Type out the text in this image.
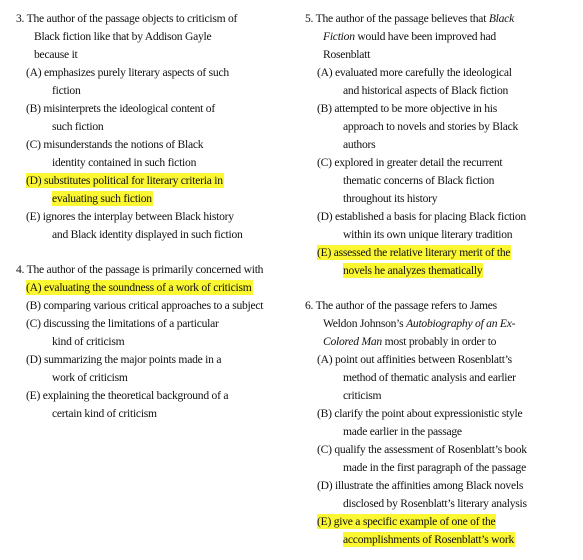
3. The author of the passage objects to criticism of
Black fiction like that by Addison Gayle
because it
(A) emphasizes purely literary aspects of such
fiction
(B) misinterprets the ideological content of
such fiction
(C) misunderstands the notions of Black
identity contained in such fiction
(D) substitutes political for literary criteria in
evaluating such fiction
(E) ignores the interplay between Black history
and Black identity displayed in such fiction
4. The author of the passage is primarily concerned with
(A) evaluating the soundness of a work of criticism
(B) comparing various critical approaches to a subject
(C) discussing the limitations of a particular
kind of criticism
(D) summarizing the major points made in a
work of criticism
(E) explaining the theoretical background of a
certain kind of criticism
5. The author of the passage believes that Black
Fiction would have been improved had
Rosenblatt
(A) evaluated more carefully the ideological
and historical aspects of Black fiction
(B) attempted to be more objective in his
approach to novels and stories by Black
authors
(C) explored in greater detail the recurrent
thematic concerns of Black fiction
throughout its history
(D) established a basis for placing Black fiction
within its own unique literary tradition
(E) assessed the relative literary merit of the
novels he analyzes thematically
6. The author of the passage refers to James
Weldon Johnson’s Autobiography of an Ex-
Colored Man most probably in order to
(A) point out affinities between Rosenblatt’s
method of thematic analysis and earlier
criticism
(B) clarify the point about expressionistic style
made earlier in the passage
(C) qualify the assessment of Rosenblatt’s book
made in the first paragraph of the passage
(D) illustrate the affinities among Black novels
disclosed by Rosenblatt’s literary analysis
(E) give a specific example of one of the
accomplishments of Rosenblatt’s work
